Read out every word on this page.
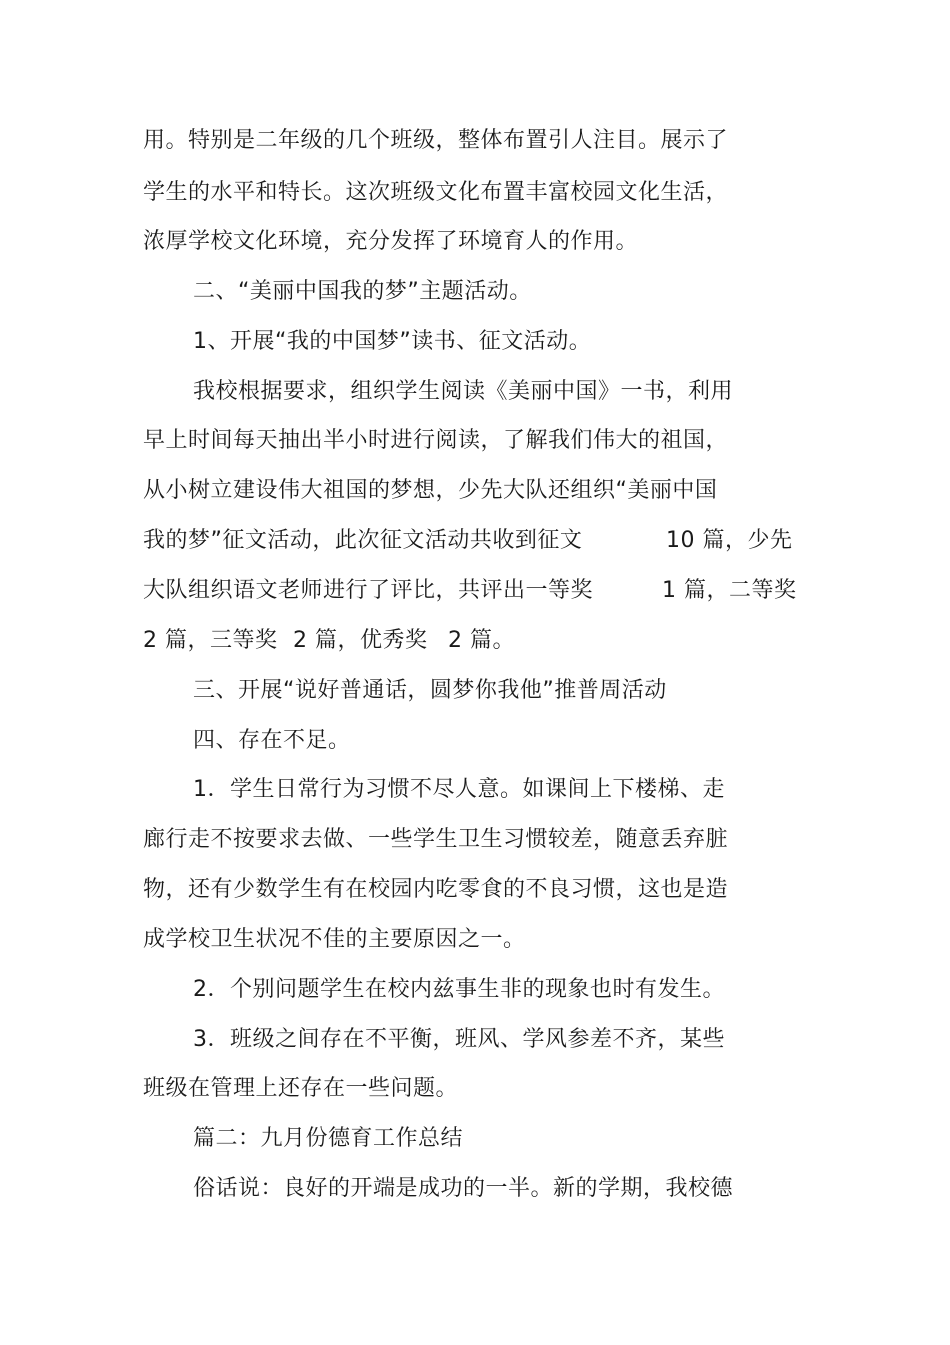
用。特别是二年级的几个班级，整体布置引人注目。展示了
学生的水平和特长。这次班级文化布置丰富校园文化生活，
浓厚学校文化环境，充分发挥了环境育人的作用。
二、“美丽中国我的梦”主题活动。
1、开展“我的中国梦”读书、征文活动。
我校根据要求，组织学生阅读《美丽中国》一书，利用
早上时间每天抽出半小时进行阅读，了解我们伟大的祖国，
从小树立建设伟大祖国的梦想，少先大队还组织“美丽中国
我的梦”征文活动，此次征文活动共收到征文	10 篇，少先
大队组织语文老师进行了评比，共评出一等奖	1 篇，二等奖
2 篇，三等奖 2 篇，优秀奖 2 篇。
三、开展“说好普通话，圆梦你我他”推普周活动
四、存在不足。
1．学生日常行为习惯不尽人意。如课间上下楼梯、走
廊行走不按要求去做、一些学生卫生习惯较差，随意丢弃脏
物，还有少数学生有在校园内吃零食的不良习惯，这也是造
成学校卫生状况不佳的主要原因之一。
2．个别问题学生在校内兹事生非的现象也时有发生。
3．班级之间存在不平衡，班风、学风参差不齐，某些
班级在管理上还存在一些问题。
篇二：九月份德育工作总结
俗话说：良好的开端是成功的一半。新的学期，我校德
